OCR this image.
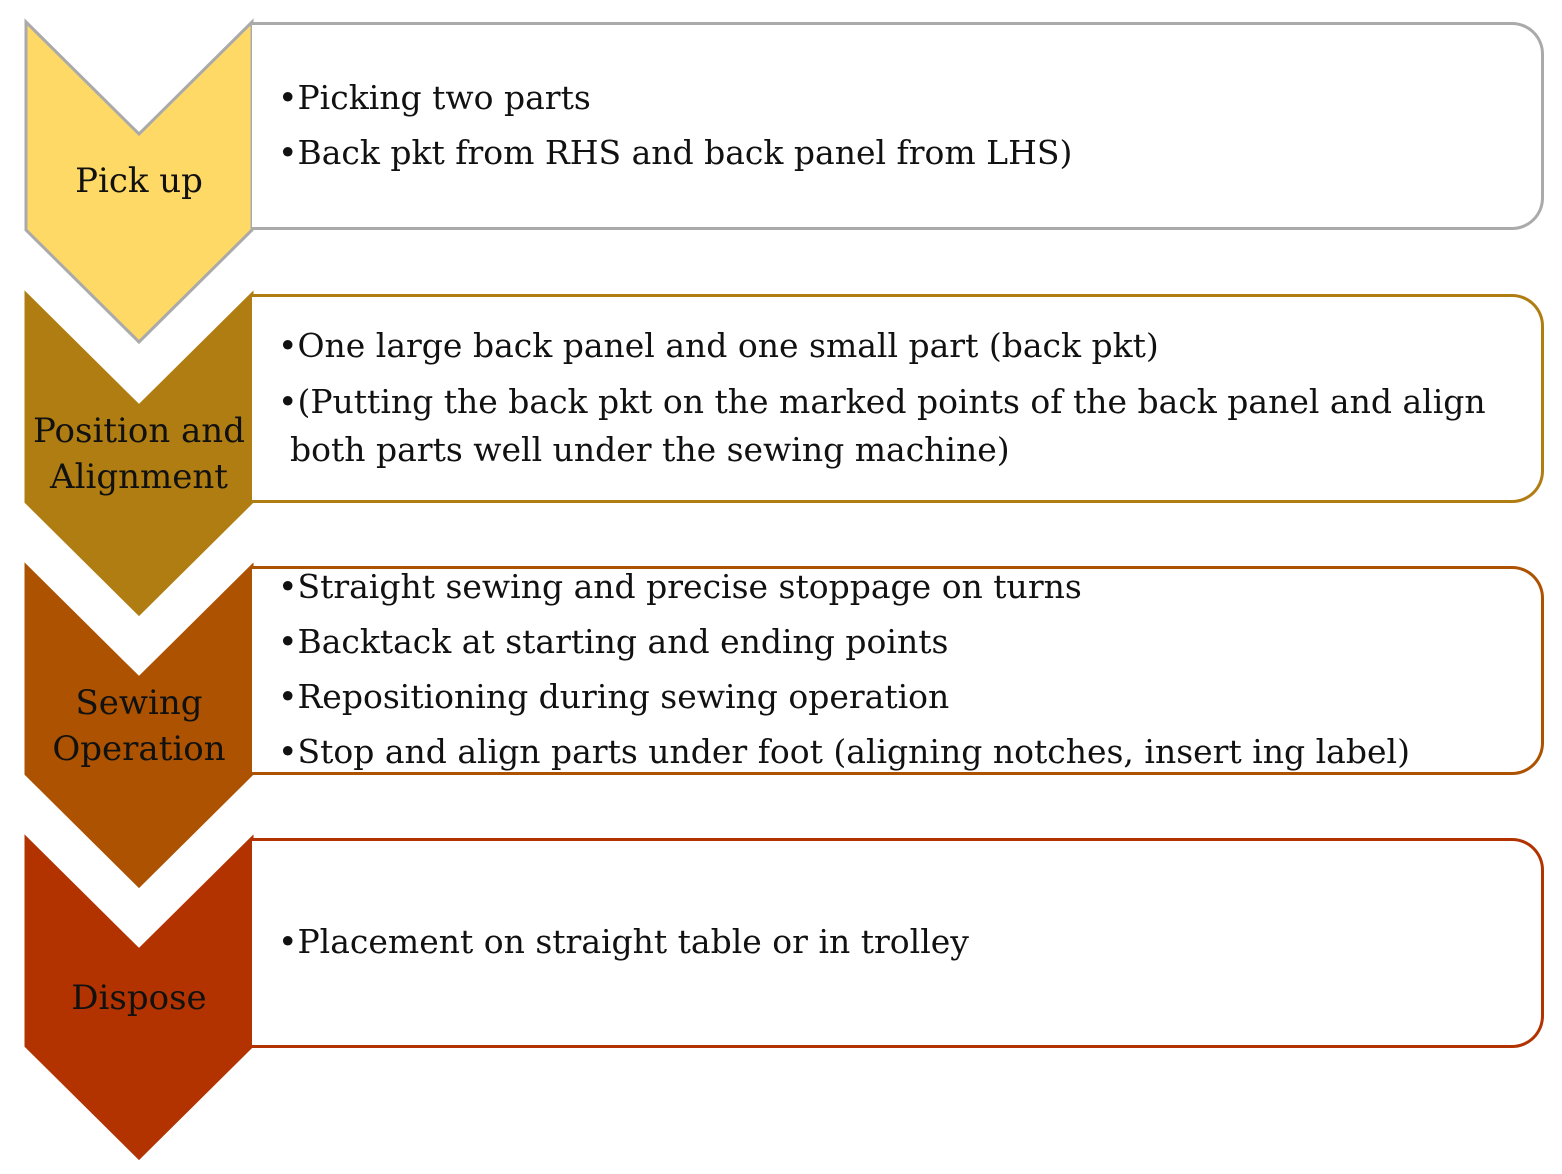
Pick up
•Picking two parts
•Back pkt from RHS and back panel from LHS)
Position and
Alignment
•One large back panel and one small part (back pkt)
•(Putting the back pkt on the marked points of the back panel and align
both parts well under the sewing machine)
Sewing
Operation
•Straight sewing and precise stoppage on turns
•Backtack at starting and ending points
•Repositioning during sewing operation
•Stop and align parts under foot (aligning notches, insert ing label)
Dispose
•Placement on straight table or in trolley
